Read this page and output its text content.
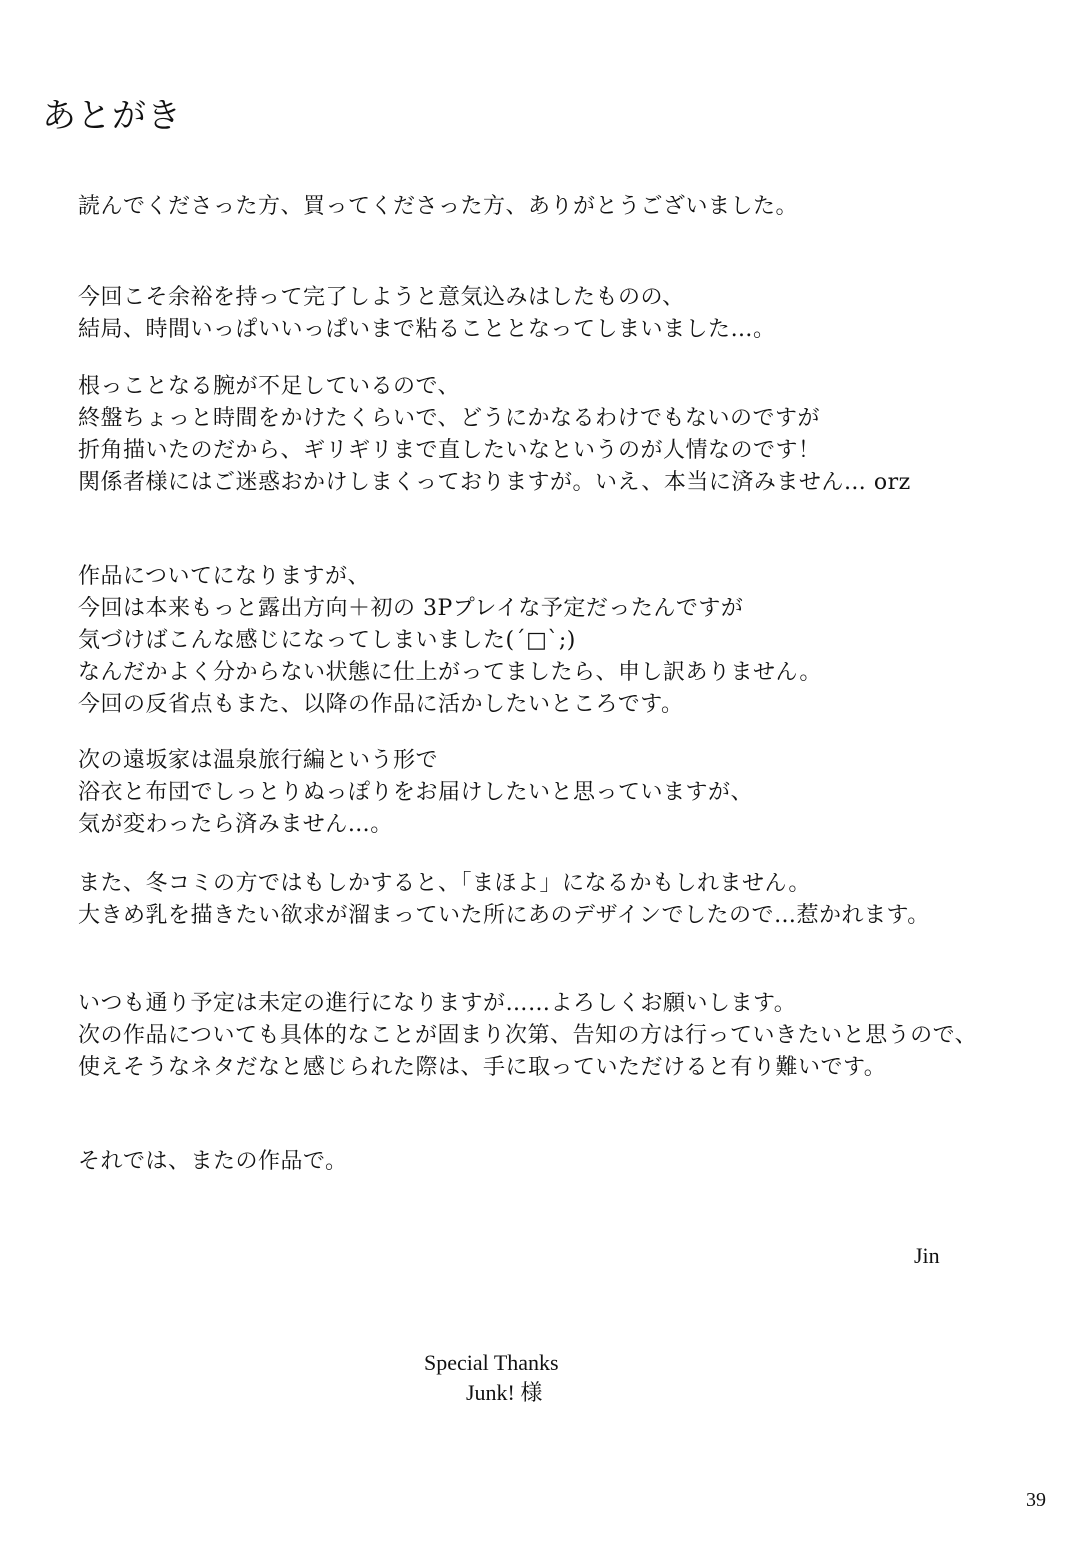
あとがき
読んでくださった方、買ってくださった方、ありがとうございました。
今回こそ余裕を持って完了しようと意気込みはしたものの、
結局、時間いっぱいいっぱいまで粘ることとなってしまいました…。
根っことなる腕が不足しているので、
終盤ちょっと時間をかけたくらいで、どうにかなるわけでもないのですが
折角描いたのだから、ギリギリまで直したいなというのが人情なのです！
関係者様にはご迷惑おかけしまくっておりますが。いえ、本当に済みません… orz
作品についてになりますが、
今回は本来もっと露出方向＋初の 3Pプレイな予定だったんですが
気づけばこんな感じになってしまいました(´□`;)
なんだかよく分からない状態に仕上がってましたら、申し訳ありません。
今回の反省点もまた、以降の作品に活かしたいところです。
次の遠坂家は温泉旅行編という形で
浴衣と布団でしっとりぬっぽりをお届けしたいと思っていますが、
気が変わったら済みません…。
また、冬コミの方ではもしかすると、「まほよ」になるかもしれません。
大きめ乳を描きたい欲求が溜まっていた所にあのデザインでしたので…惹かれます。
いつも通り予定は未定の進行になりますが……よろしくお願いします。
次の作品についても具体的なことが固まり次第、告知の方は行っていきたいと思うので、
使えそうなネタだなと感じられた際は、手に取っていただけると有り難いです。
それでは、またの作品で。
Jin
Special Thanks
Junk! 様
39
